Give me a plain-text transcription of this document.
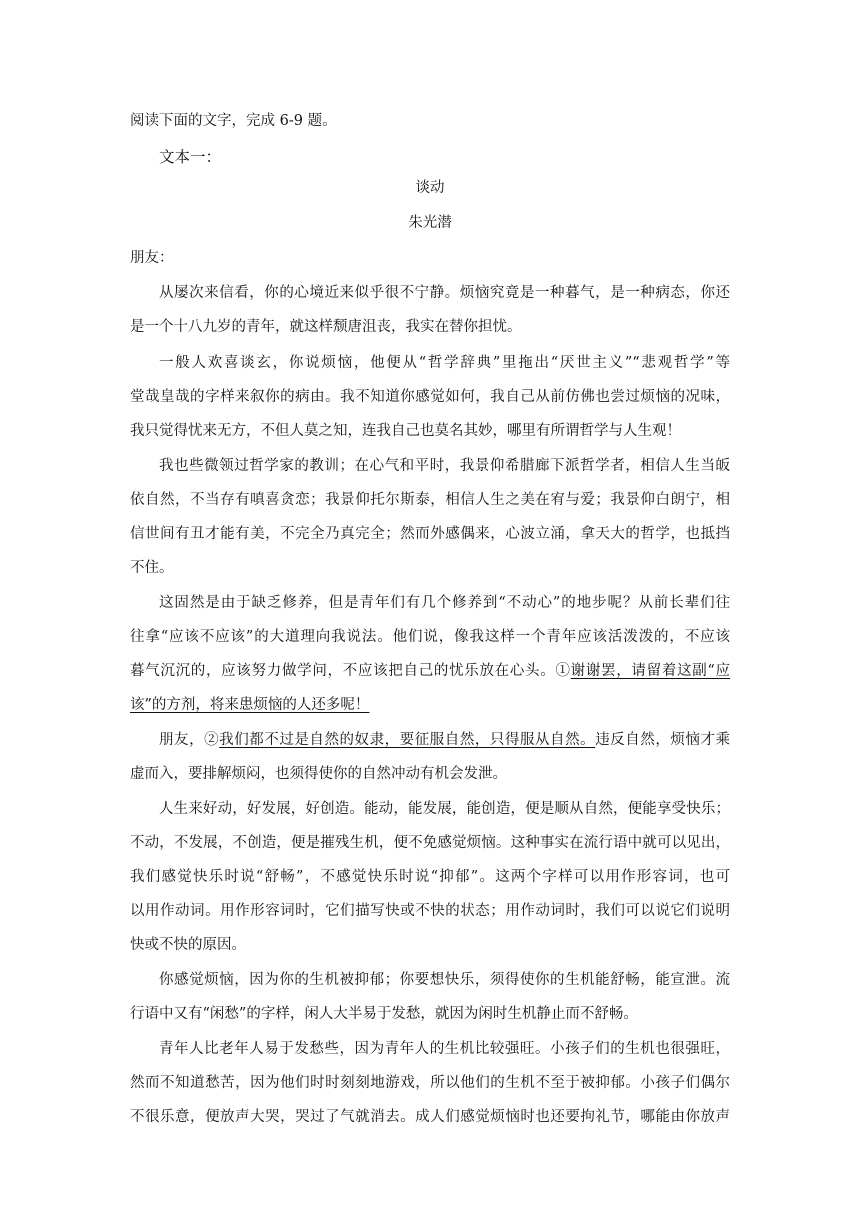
阅读下面的文字，完成 6-9 题。
文本一：
谈动
朱光潜
朋友：
从屡次来信看，你的心境近来似乎很不宁静。烦恼究竟是一种暮气，是一种病态，你还
是一个十八九岁的青年，就这样颓唐沮丧，我实在替你担忧。
一般人欢喜谈玄，你说烦恼，他便从“哲学辞典”里拖出“厌世主义”“悲观哲学”等
堂哉皇哉的字样来叙你的病由。我不知道你感觉如何，我自己从前仿佛也尝过烦恼的况味，
我只觉得忧来无方，不但人莫之知，连我自己也莫名其妙，哪里有所谓哲学与人生观！
我也些微领过哲学家的教训；在心气和平时，我景仰希腊廊下派哲学者，相信人生当皈
依自然，不当存有嗔喜贪恋；我景仰托尔斯泰，相信人生之美在宥与爱；我景仰白朗宁，相
信世间有丑才能有美，不完全乃真完全；然而外感偶来，心波立涌，拿天大的哲学，也抵挡
不住。
这固然是由于缺乏修养，但是青年们有几个修养到“不动心”的地步呢？从前长辈们往
往拿“应该不应该”的大道理向我说法。他们说，像我这样一个青年应该活泼泼的，不应该
暮气沉沉的，应该努力做学问，不应该把自己的忧乐放在心头。①谢谢罢，请留着这副“应
该”的方剂，将来患烦恼的人还多呢！
朋友，②我们都不过是自然的奴隶，要征服自然，只得服从自然。违反自然，烦恼才乘
虚而入，要排解烦闷，也须得使你的自然冲动有机会发泄。
人生来好动，好发展，好创造。能动，能发展，能创造，便是顺从自然，便能享受快乐；
不动，不发展，不创造，便是摧残生机，便不免感觉烦恼。这种事实在流行语中就可以见出，
我们感觉快乐时说“舒畅”，不感觉快乐时说“抑郁”。这两个字样可以用作形容词，也可
以用作动词。用作形容词时，它们描写快或不快的状态；用作动词时，我们可以说它们说明
快或不快的原因。
你感觉烦恼，因为你的生机被抑郁；你要想快乐，须得使你的生机能舒畅，能宣泄。流
行语中又有“闲愁”的字样，闲人大半易于发愁，就因为闲时生机静止而不舒畅。
青年人比老年人易于发愁些，因为青年人的生机比较强旺。小孩子们的生机也很强旺，
然而不知道愁苦，因为他们时时刻刻地游戏，所以他们的生机不至于被抑郁。小孩子们偶尔
不很乐意，便放声大哭，哭过了气就消去。成人们感觉烦恼时也还要拘礼节，哪能由你放声
